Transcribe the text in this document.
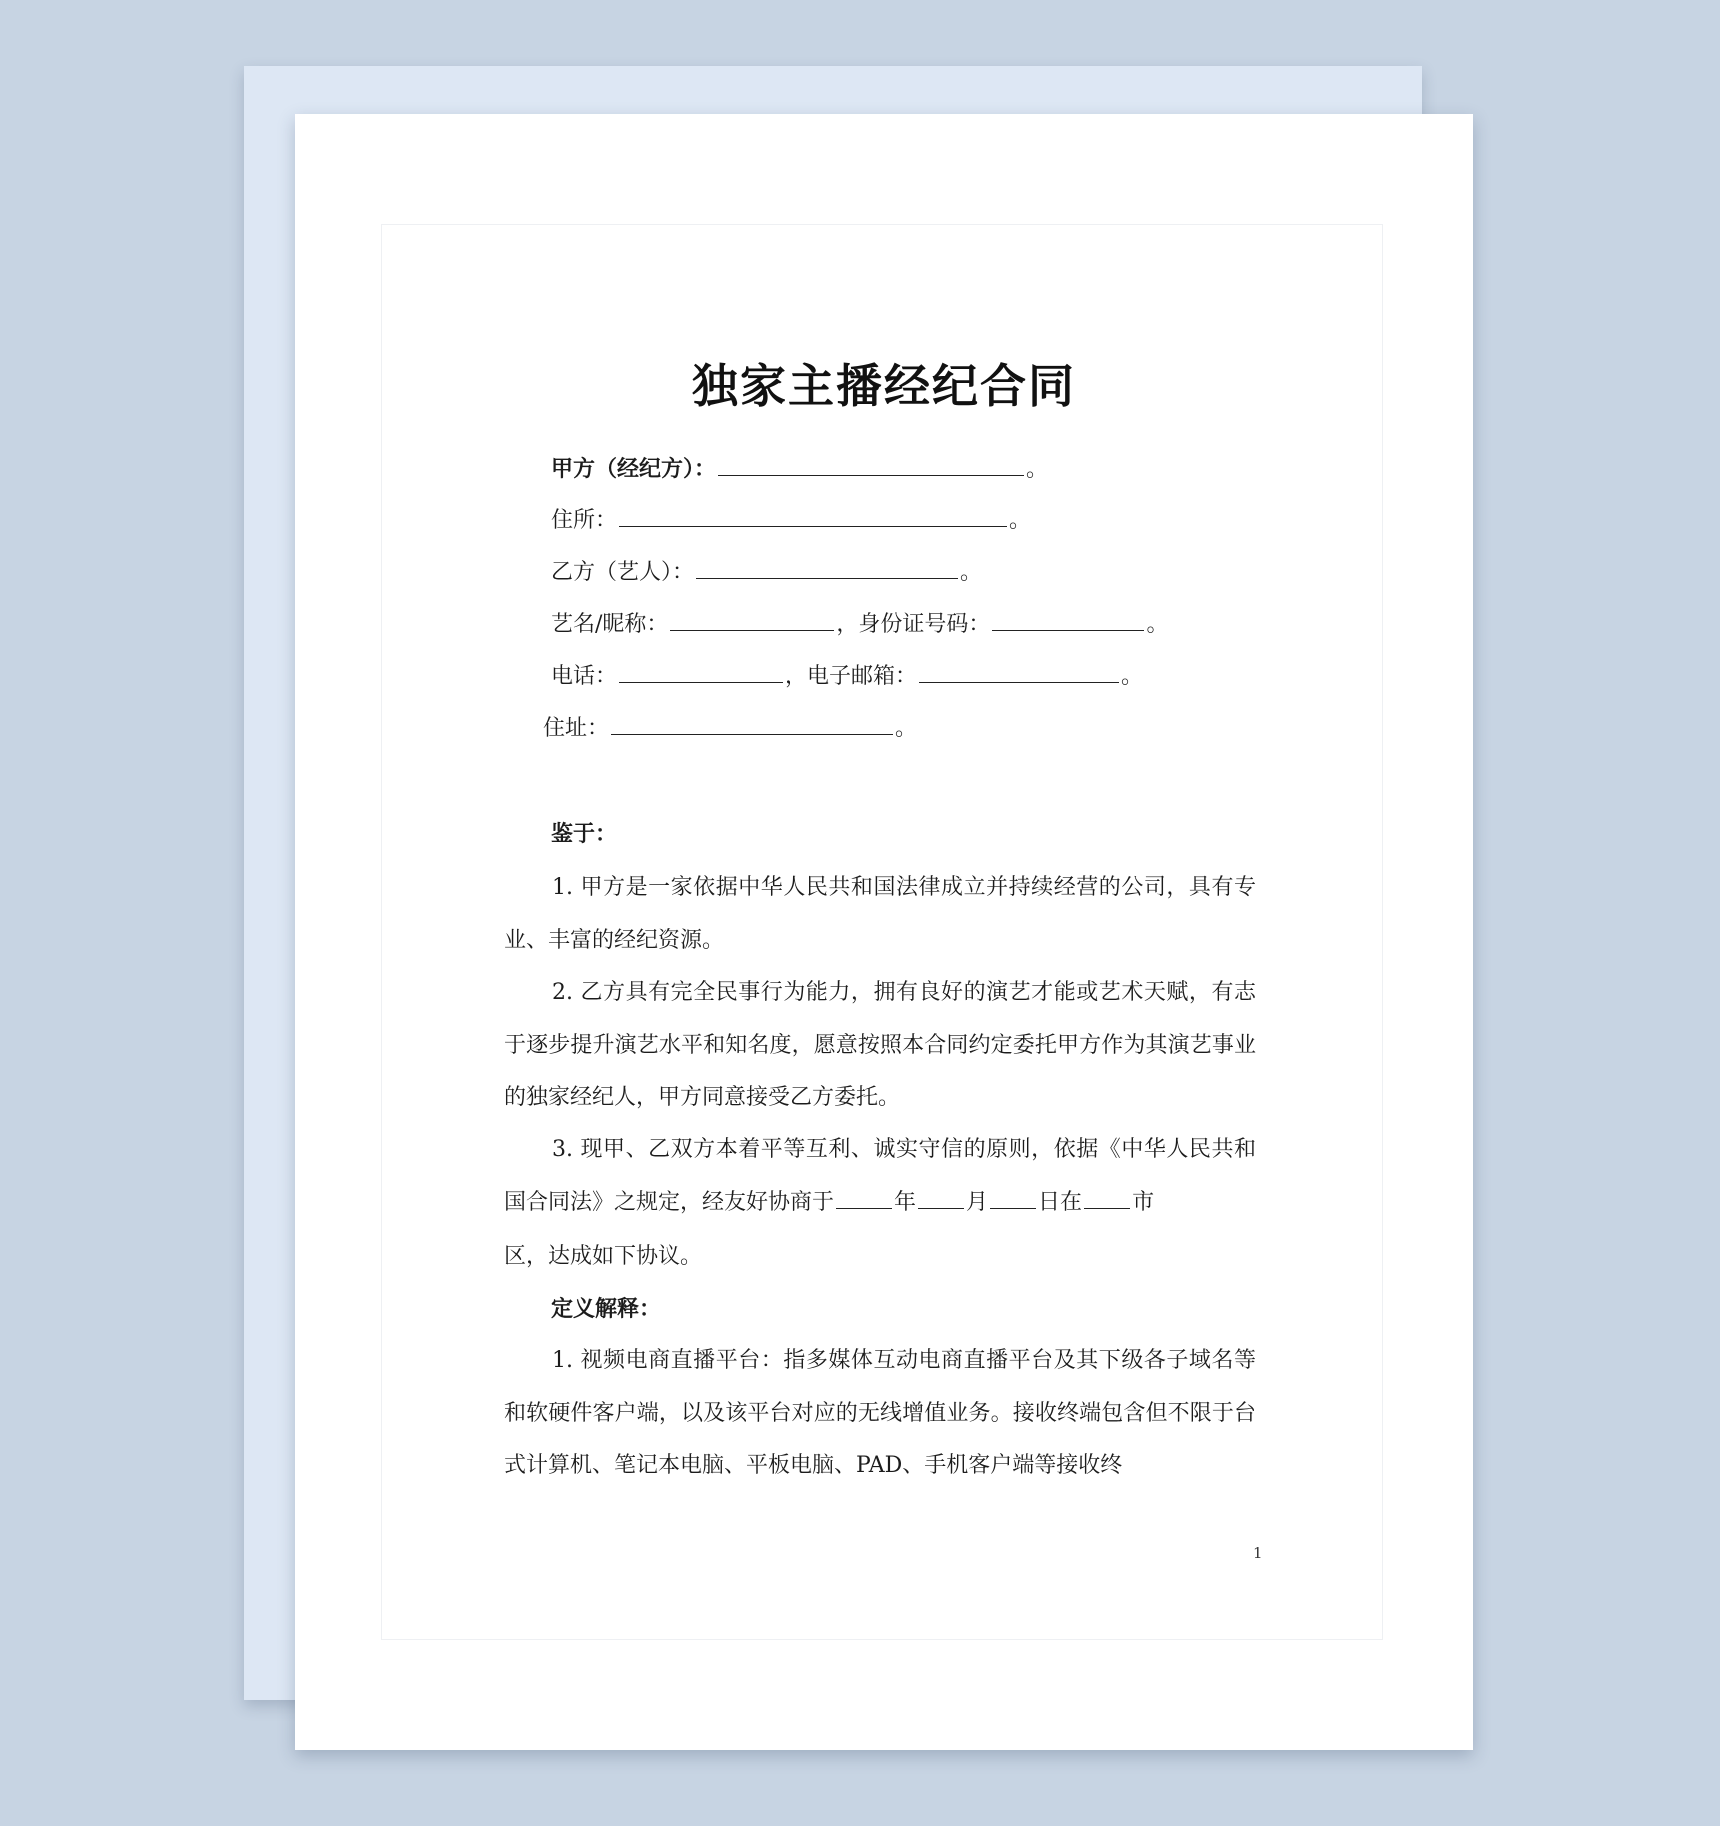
独家主播经纪合同
甲方（经纪方）：	。
住所：	。
乙方（艺人）：	。
艺名/昵称：	，身份证号码：	。
电话：	，电子邮箱：	。
住址：	。
鉴于：
1. 甲方是一家依据中华人民共和国法律成立并持续经营的公司，具有专业、丰富的经纪资源。
2. 乙方具有完全民事行为能力，拥有良好的演艺才能或艺术天赋，有志于逐步提升演艺水平和知名度，愿意按照本合同约定委托甲方作为其演艺事业的独家经纪人，甲方同意接受乙方委托。
3. 现甲、乙双方本着平等互利、诚实守信的原则，依据《中华人民共和国合同法》之规定，经友好协商于	年 月 日在 市
区，达成如下协议。
定义解释：
1. 视频电商直播平台：指多媒体互动电商直播平台及其下级各子域名等和软硬件客户端，以及该平台对应的无线增值业务。接收终端包含但不限于台式计算机、笔记本电脑、平板电脑、PAD、手机客户端等接收终
1
